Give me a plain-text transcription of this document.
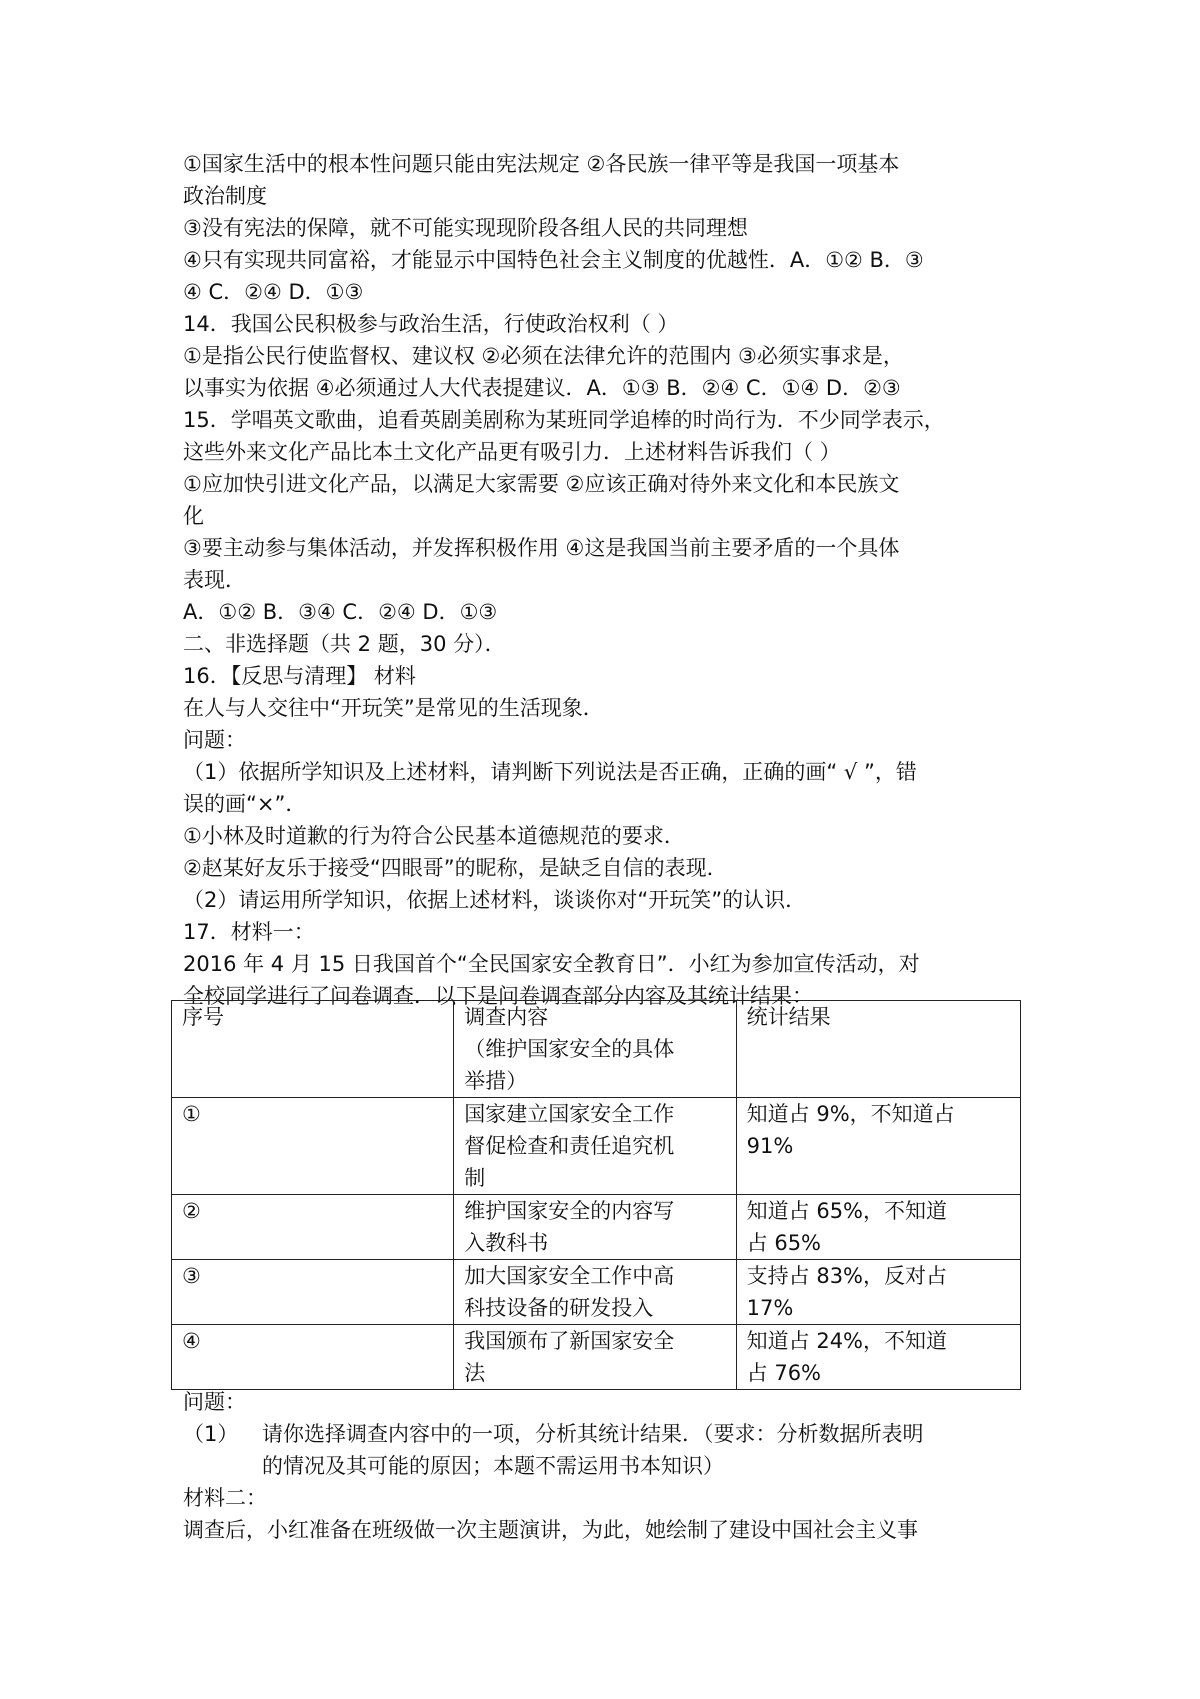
①国家生活中的根本性问题只能由宪法规定 ②各民族一律平等是我国一项基本

政治制度

③没有宪法的保障，就不可能实现现阶段各组人民的共同理想

④只有实现共同富裕，才能显示中国特色社会主义制度的优越性．A．①② B．③

④ C．②④ D．①③

14．我国公民积极参与政治生活，行使政治权利（ ）

①是指公民行使监督权、建议权 ②必须在法律允许的范围内 ③必须实事求是，

以事实为依据 ④必须通过人大代表提建议．A．①③ B．②④ C．①④ D．②③

15．学唱英文歌曲，追看英剧美剧称为某班同学追棒的时尚行为．不少同学表示，

这些外来文化产品比本土文化产品更有吸引力．上述材料告诉我们（ ）

①应加快引进文化产品，以满足大家需要 ②应该正确对待外来文化和本民族文

化

③要主动参与集体活动，并发挥积极作用 ④这是我国当前主要矛盾的一个具体

表现．

A．①② B．③④ C．②④ D．①③

二、非选择题（共 2 题，30 分）．

16．【反思与清理】 材料

在人与人交往中“开玩笑”是常见的生活现象．

问题：

（1）依据所学知识及上述材料，请判断下列说法是否正确，正确的画“ √ ”，错

误的画“×”．

①小林及时道歉的行为符合公民基本道德规范的要求．

②赵某好友乐于接受“四眼哥”的昵称，是缺乏自信的表现．

（2）请运用所学知识，依据上述材料，谈谈你对“开玩笑”的认识．

17．材料一：

2016 年 4 月 15 日我国首个“全民国家安全教育日”．小红为参加宣传活动，对

全校同学进行了问卷调查．以下是问卷调查部分内容及其统计结果：

序号	调查内容
（维护国家安全的具体
举措）	统计结果

①	国家建立国家安全工作
督促检查和责任追究机
制	知道占 9%，不知道占
91%

②	维护国家安全的内容写
入教科书	知道占 65%，不知道
占 65%

③	加大国家安全工作中高
科技设备的研发投入	支持占 83%，反对占
17%

④	我国颁布了新国家安全
法	知道占 24%，不知道
占 76%

问题：

（1）	请你选择调查内容中的一项，分析其统计结果．（要求：分析数据所表明

的情况及其可能的原因；本题不需运用书本知识）

材料二：

调查后，小红准备在班级做一次主题演讲，为此，她绘制了建设中国社会主义事
